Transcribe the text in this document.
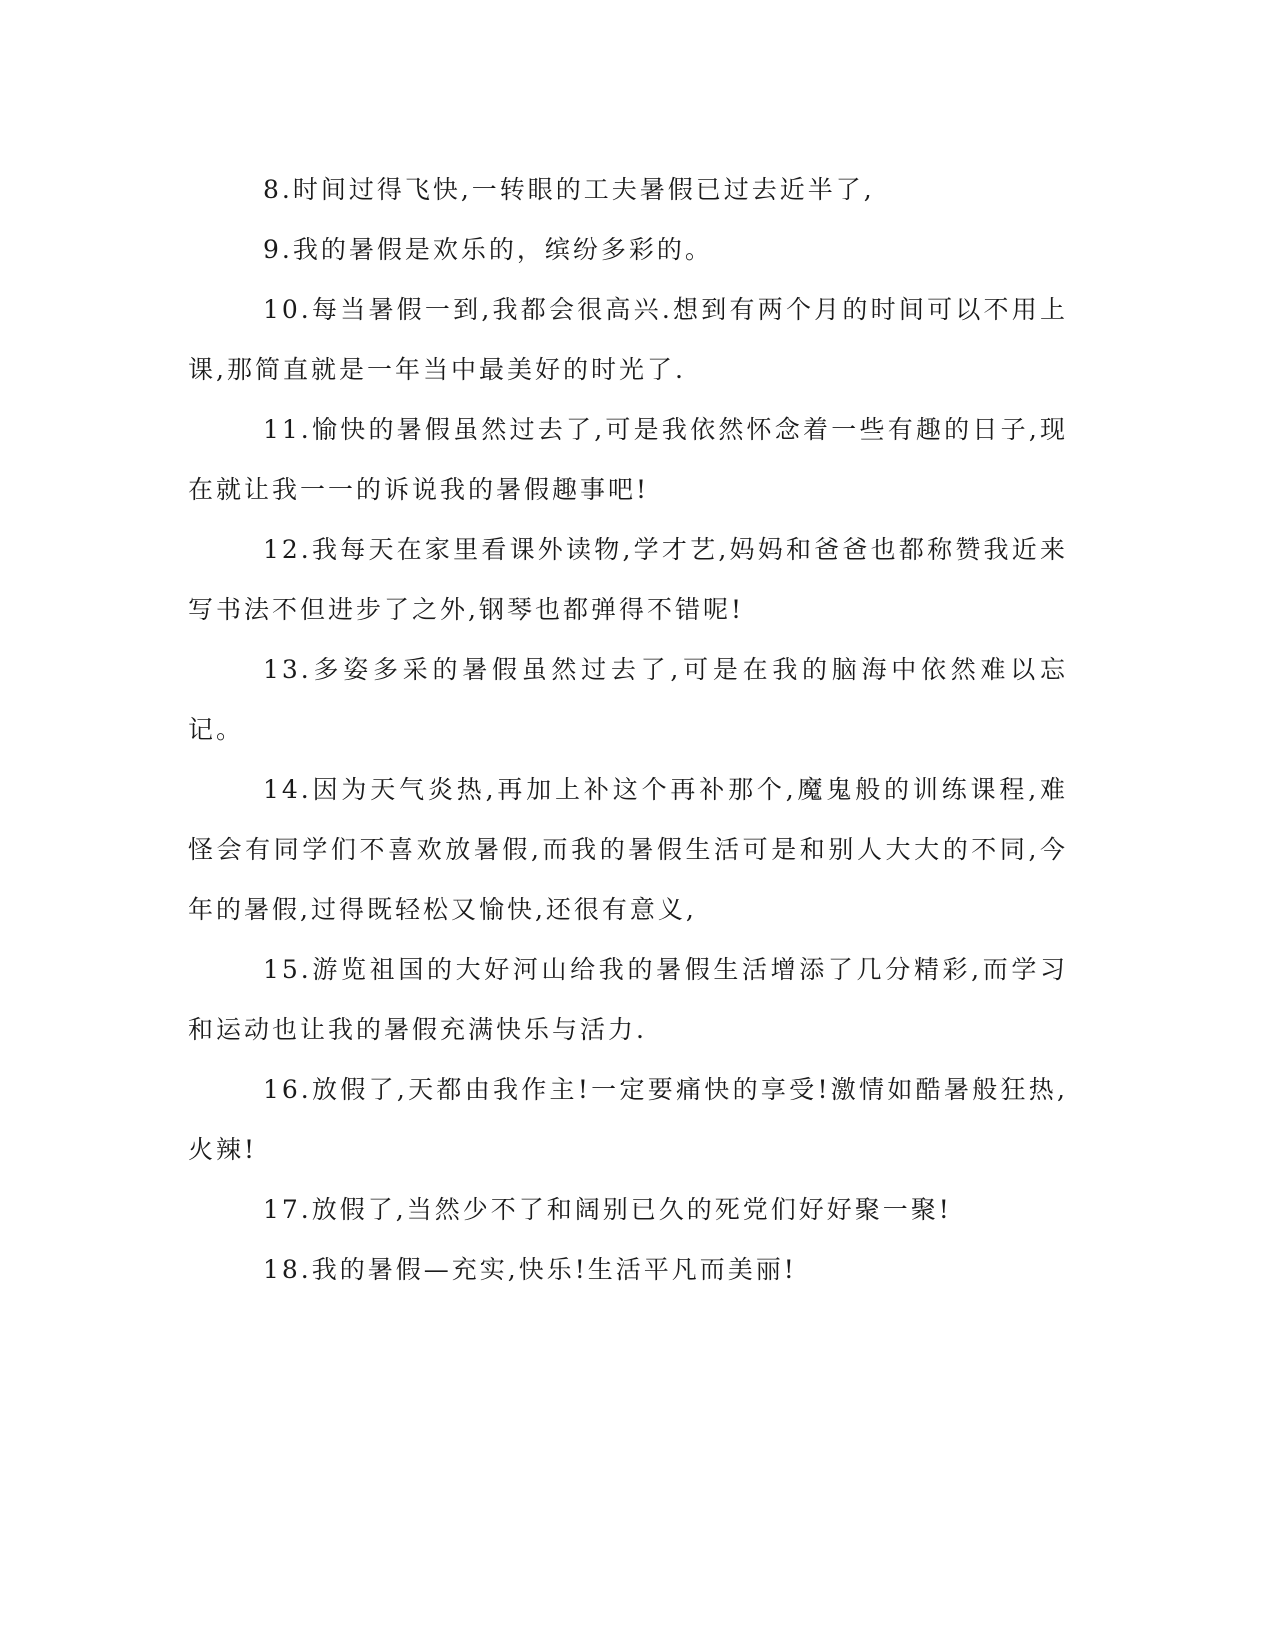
8.时间过得飞快,一转眼的工夫暑假已过去近半了,

9.我的暑假是欢乐的，缤纷多彩的。

10.每当暑假一到,我都会很高兴.想到有两个月的时间可以不用上课,那简直就是一年当中最美好的时光了.

11.愉快的暑假虽然过去了,可是我依然怀念着一些有趣的日子,现在就让我一一的诉说我的暑假趣事吧!

12.我每天在家里看课外读物,学才艺,妈妈和爸爸也都称赞我近来写书法不但进步了之外,钢琴也都弹得不错呢!

13.多姿多采的暑假虽然过去了,可是在我的脑海中依然难以忘记。

14.因为天气炎热,再加上补这个再补那个,魔鬼般的训练课程,难怪会有同学们不喜欢放暑假,而我的暑假生活可是和别人大大的不同,今年的暑假,过得既轻松又愉快,还很有意义,

15.游览祖国的大好河山给我的暑假生活增添了几分精彩,而学习和运动也让我的暑假充满快乐与活力.

16.放假了,天都由我作主!一定要痛快的享受!激情如酷暑般狂热,火辣!

17.放假了,当然少不了和阔别已久的死党们好好聚一聚!

18.我的暑假—充实,快乐!生活平凡而美丽!
